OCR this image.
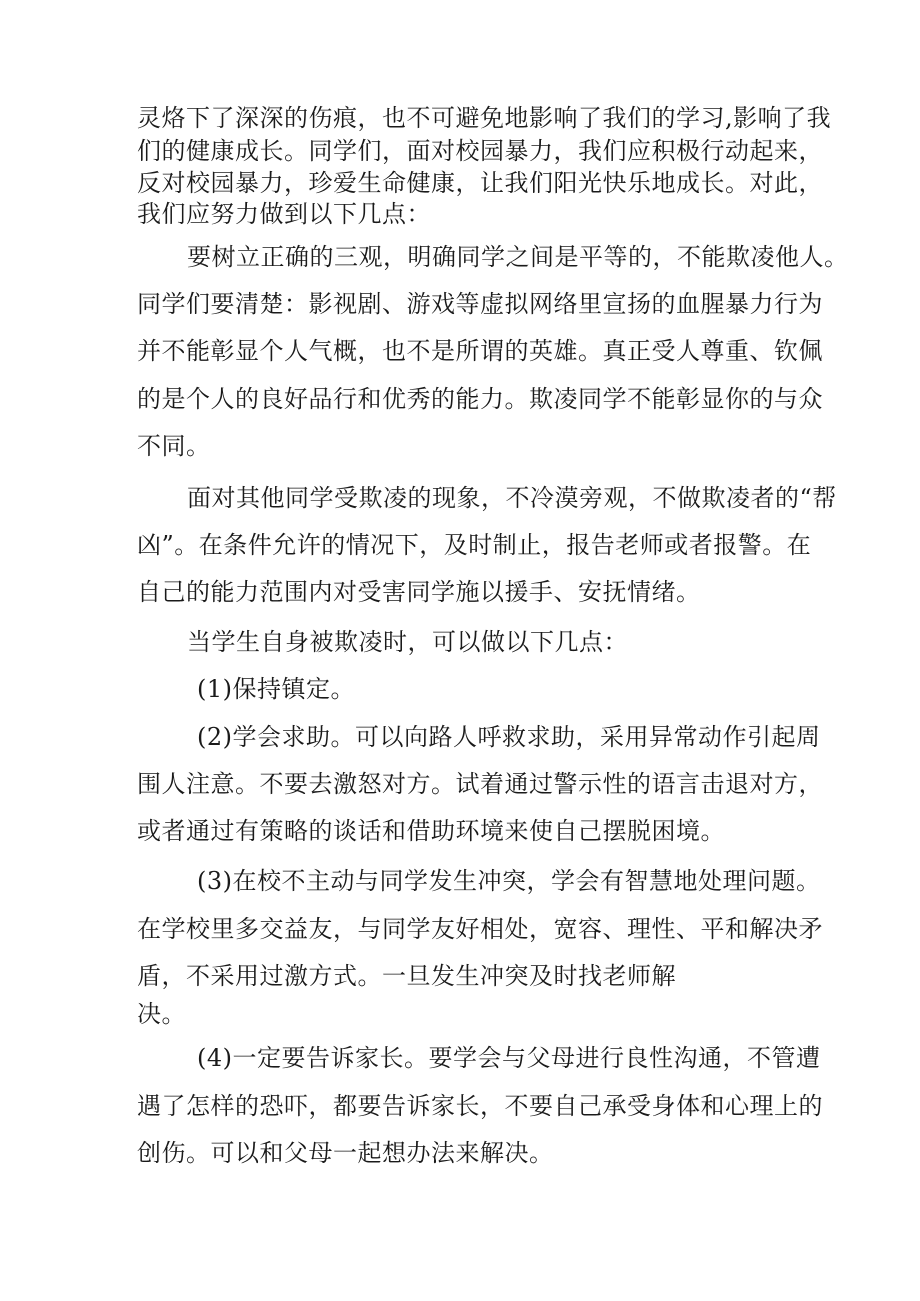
灵烙下了深深的伤痕，也不可避免地影响了我们的学习,影响了我
们的健康成长。同学们，面对校园暴力，我们应积极行动起来，
反对校园暴力，珍爱生命健康，让我们阳光快乐地成长。对此，
我们应努力做到以下几点：
要树立正确的三观，明确同学之间是平等的，不能欺凌他人。
同学们要清楚：影视剧、游戏等虚拟网络里宣扬的血腥暴力行为
并不能彰显个人气概，也不是所谓的英雄。真正受人尊重、钦佩
的是个人的良好品行和优秀的能力。欺凌同学不能彰显你的与众
不同。
面对其他同学受欺凌的现象，不冷漠旁观，不做欺凌者的“帮
凶”。在条件允许的情况下，及时制止，报告老师或者报警。在
自己的能力范围内对受害同学施以援手、安抚情绪。
当学生自身被欺凌时，可以做以下几点：
(1)保持镇定。
(2)学会求助。可以向路人呼救求助，采用异常动作引起周
围人注意。不要去激怒对方。试着通过警示性的语言击退对方，
或者通过有策略的谈话和借助环境来使自己摆脱困境。
(3)在校不主动与同学发生冲突，学会有智慧地处理问题。
在学校里多交益友，与同学友好相处，宽容、理性、平和解决矛
盾，不采用过激方式。一旦发生冲突及时找老师解
决。
(4)一定要告诉家长。要学会与父母进行良性沟通，不管遭
遇了怎样的恐吓，都要告诉家长，不要自己承受身体和心理上的
创伤。可以和父母一起想办法来解决。
